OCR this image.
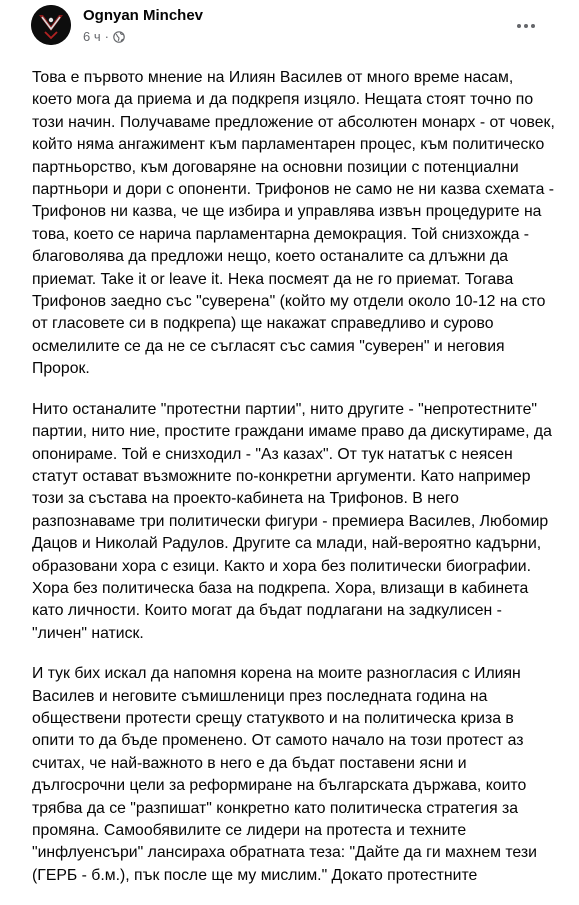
Ognyan Minchev
6 ч ·

Това е първото мнение на Илиян Василев от много време насам, което мога да приема и да подкрепя изцяло. Нещата стоят точно по този начин. Получаваме предложение от абсолютен монарх - от човек, който няма ангажимент към парламентарен процес, към политическо партньорство, към договаряне на основни позиции с потенциални партньори и дори с опоненти. Трифонов не само не ни казва схемата - Трифонов ни казва, че ще избира и управлява извън процедурите на това, което се нарича парламентарна демокрация. Той снизхожда - благоволява да предложи нещо, което останалите са длъжни да приемат. Take it or leave it. Нека посмеят да не го приемат. Тогава Трифонов заедно със "суверена" (който му отдели около 10-12 на сто от гласовете си в подкрепа) ще накажат справедливо и сурово осмелилите се да не се съгласят със самия "суверен" и неговия Пророк.

Нито останалите "протестни партии", нито другите - "непротестните" партии, нито ние, простите граждани имаме право да дискутираме, да опонираме. Той е снизходил - "Аз казах". От тук нататък с неясен статут остават възможните по-конкретни аргументи. Като например този за състава на проекто-кабинета на Трифонов. В него разпознаваме три политически фигури - премиера Василев, Любомир Дацов и Николай Радулов. Другите са млади, най-вероятно кадърни, образовани хора с езици. Както и хора без политически биографии. Хора без политическа база на подкрепа. Хора, влизащи в кабинета като личности. Които могат да бъдат подлагани на задкулисен - "личен" натиск.

И тук бих искал да напомня корена на моите разногласия с Илиян Василев и неговите съмишленици през последната година на обществени протести срещу статуквото и на политическа криза в опити то да бъде променено. От самото начало на този протест аз считах, че най-важното в него е да бъдат поставени ясни и дългосрочни цели за реформиране на българската държава, които трябва да се "разпишат" конкретно като политическа стратегия за промяна. Самообявилите се лидери на протеста и техните "инфлуенсъри" лансираха обратната теза: "Дайте да ги махнем тези (ГЕРБ - б.м.), пък после ще му мислим." Докато протестните
